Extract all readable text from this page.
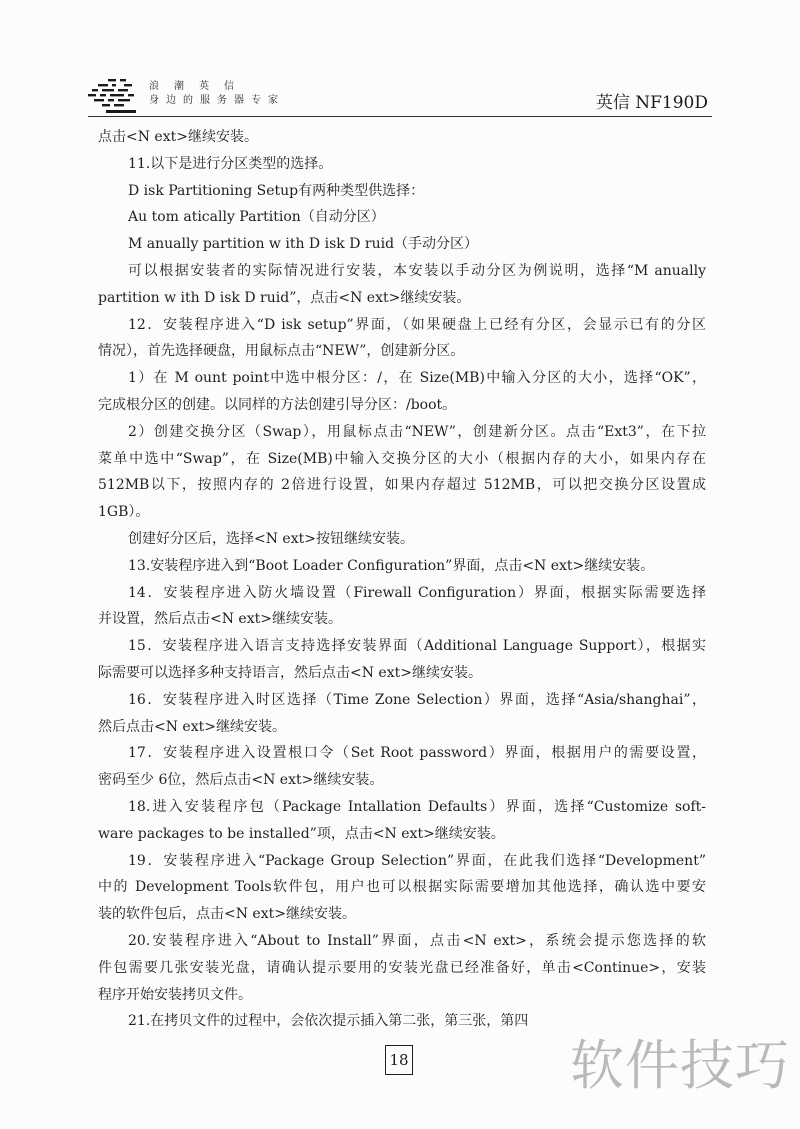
浪潮英信
身边的服务器专家	英信 NF190D
点击<N ext>继续安装。
11.以下是进行分区类型的选择。
D isk Partitioning Setup有两种类型供选择：
Au tom atically Partition（自动分区）
M anually partition w ith D isk D ruid（手动分区）
可以根据安装者的实际情况进行安装，本安装以手动分区为例说明，选择“M anually
partition w ith D isk D ruid”，点击<N ext>继续安装。
12．安装程序进入“D isk setup”界面，（如果硬盘上已经有分区，会显示已有的分区
情况），首先选择硬盘，用鼠标点击“NEW”，创建新分区。
1）在 M ount point中选中根分区：/，在 Size(MB)中输入分区的大小，选择“OK”，
完成根分区的创建。以同样的方法创建引导分区：/boot。
2）创建交换分区（Swap），用鼠标点击“NEW”，创建新分区。点击“Ext3”，在下拉
菜单中选中“Swap”，在 Size(MB)中输入交换分区的大小（根据内存的大小，如果内存在
512MB以下，按照内存的 2倍进行设置，如果内存超过 512MB，可以把交换分区设置成
1GB）。
创建好分区后，选择<N ext>按钮继续安装。
13.安装程序进入到“Boot Loader Configuration”界面，点击<N ext>继续安装。
14．安装程序进入防火墙设置（Firewall Configuration）界面，根据实际需要选择
并设置，然后点击<N ext>继续安装。
15．安装程序进入语言支持选择安装界面（Additional Language Support），根据实
际需要可以选择多种支持语言，然后点击<N ext>继续安装。
16．安装程序进入时区选择（Time Zone Selection）界面，选择“Asia/shanghai”，
然后点击<N ext>继续安装。
17．安装程序进入设置根口令（Set Root password）界面，根据用户的需要设置，
密码至少 6位，然后点击<N ext>继续安装。
18.进入安装程序包（Package Intallation Defaults）界面，选择“Customize soft-
ware packages to be installed”项，点击<N ext>继续安装。
19．安装程序进入“Package Group Selection”界面，在此我们选择“Development”
中的 Development Tools软件包，用户也可以根据实际需要增加其他选择，确认选中要安
装的软件包后，点击<N ext>继续安装。
20.安装程序进入“About to Install”界面，点击<N ext>，系统会提示您选择的软
件包需要几张安装光盘，请确认提示要用的安装光盘已经准备好，单击<Continue>，安装
程序开始安装拷贝文件。
21.在拷贝文件的过程中，会依次提示插入第二张，第三张，第四
18	软件技巧
